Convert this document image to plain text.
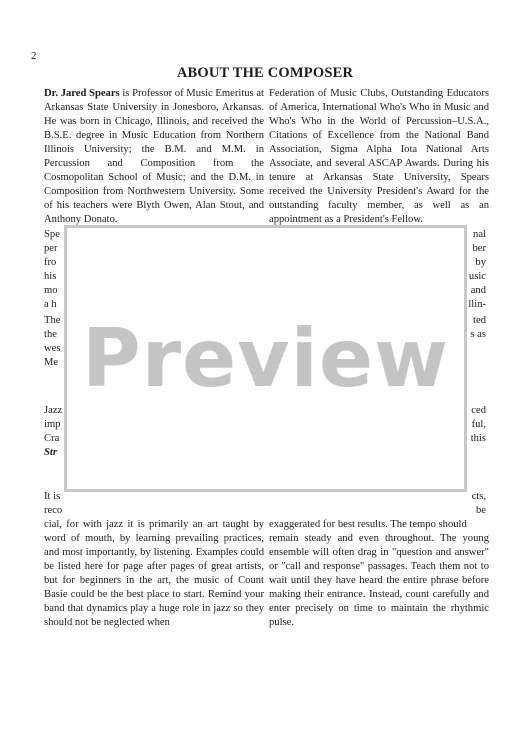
2
ABOUT THE COMPOSER

Dr. Jared Spears is Professor of Music Emeritus at Arkansas State University in Jonesboro, Arkansas. He was born in Chicago, Illinois, and received the B.S.E. degree in Music Education from Northern Illinois University; the B.M. and M.M. in Percussion and Composition from the Cosmopolitan School of Music; and the D.M. in Composition from Northwestern University. Some of his teachers were Blyth Owen, Alan Stout, and Anthony Donato.

Federation of Music Clubs, Outstanding Educators of America, International Who's Who in Music and Who's Who in the World of Percussion–U.S.A., Citations of Excellence from the National Band Association, Sigma Alpha Iota National Arts Associate, and several ASCAP Awards. During his tenure at Arkansas State University, Spears received the University President's Award for the outstanding faculty member, as well as an appointment as a President's Fellow.

Spe
per
fro
his
mo
a h
The
the
wes
Me
Jazz
imp
Cra
Str
nal
ber
by
usic
and
llin-
ted
s as
ced
ful,
this
cts,
be
It is
reco

cial, for with jazz it is primarily an art taught by word of mouth, by learning prevailing practices, and most importantly, by listening. Examples could be listed here for page after pages of great artists, but for beginners in the art, the music of Count Basie could be the best place to start. Remind your band that dynamics play a huge role in jazz so they should not be neglected when

exaggerated for best results. The tempo should

remain steady and even throughout. The young ensemble will often drag in "question and answer" or "call and response" passages. Teach them not to wait until they have heard the entire phrase before making their entrance. Instead, count carefully and enter precisely on time to maintain the rhythmic pulse.

Preview
